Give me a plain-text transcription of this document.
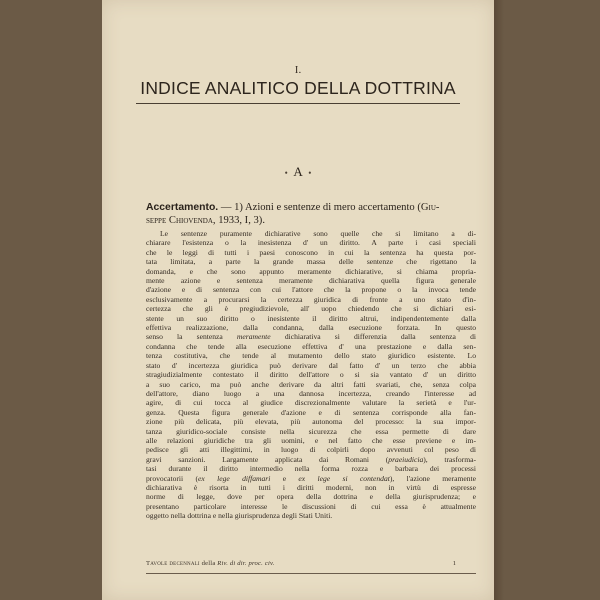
I.
INDICE ANALITICO DELLA DOTTRINA
• A •
Accertamento. — 1) Azioni e sentenze di mero accertamento (Giu-
seppe Chiovenda, 1933, I, 3).
Le sentenze puramente dichiarative sono quelle che si limitano a di-
chiarare l'esistenza o la inesistenza d' un diritto. A parte i casi speciali
che le leggi di tutti i paesi conoscono in cui la sentenza ha questa por-
tata limitata, a parte la grande massa delle sentenze che rigettano la
domanda, e che sono appunto meramente dichiarative, si chiama propria-
mente azione e sentenza meramente dichiarativa quella figura generale
d'azione e di sentenza con cui l'attore che la propone o la invoca tende
esclusivamente a procurarsi la certezza giuridica di fronte a uno stato d'in-
certezza che gli è pregiudizievole, all' uopo chiedendo che si dichiari esi-
stente un suo diritto o inesistente il diritto altrui, indipendentemente dalla
effettiva realizzazione, dalla condanna, dalla esecuzione forzata. In questo
senso la sentenza meramente dichiarativa si differenzia dalla sentenza di
condanna che tende alla esecuzione effettiva d' una prestazione e dalla sen-
tenza costitutiva, che tende al mutamento dello stato giuridico esistente. Lo
stato d' incertezza giuridica può derivare dal fatto d' un terzo che abbia
stragiudizialmente contestato il diritto dell'attore o si sia vantato d' un diritto
a suo carico, ma può anche derivare da altri fatti svariati, che, senza colpa
dell'attore, diano luogo a una dannosa incertezza, creando l'interesse ad
agire, di cui tocca al giudice discrezionalmente valutare la serietà e l'ur-
genza. Questa figura generale d'azione e di sentenza corrisponde alla fan-
zione più delicata, più elevata, più autonoma del processo: la sua impor-
tanza giuridico-sociale consiste nella sicurezza che essa permette di dare
alle relazioni giuridiche tra gli uomini, e nel fatto che esse previene e im-
pedisce gli atti illegittimi, in luogo di colpirli dopo avvenuti col peso di
gravi sanzioni. Largamente applicata dai Romani (praeiudicia), trasforma-
tasi durante il diritto intermedio nella forma rozza e barbara dei processi
provocatorii (ex lege diffamari e ex lege si contendat), l'azione meramente
dichiarativa è risorta in tutti i diritti moderni, non in virtù di espresse
norme di legge, dove per opera della dottrina e della giurisprudenza; e
presentano particolare interesse le discussioni di cui essa è attualmente
oggetto nella dottrina e nella giurisprudenza degli Stati Uniti.
Tavole decennali della Riv. di dir. proc. civ.	1
